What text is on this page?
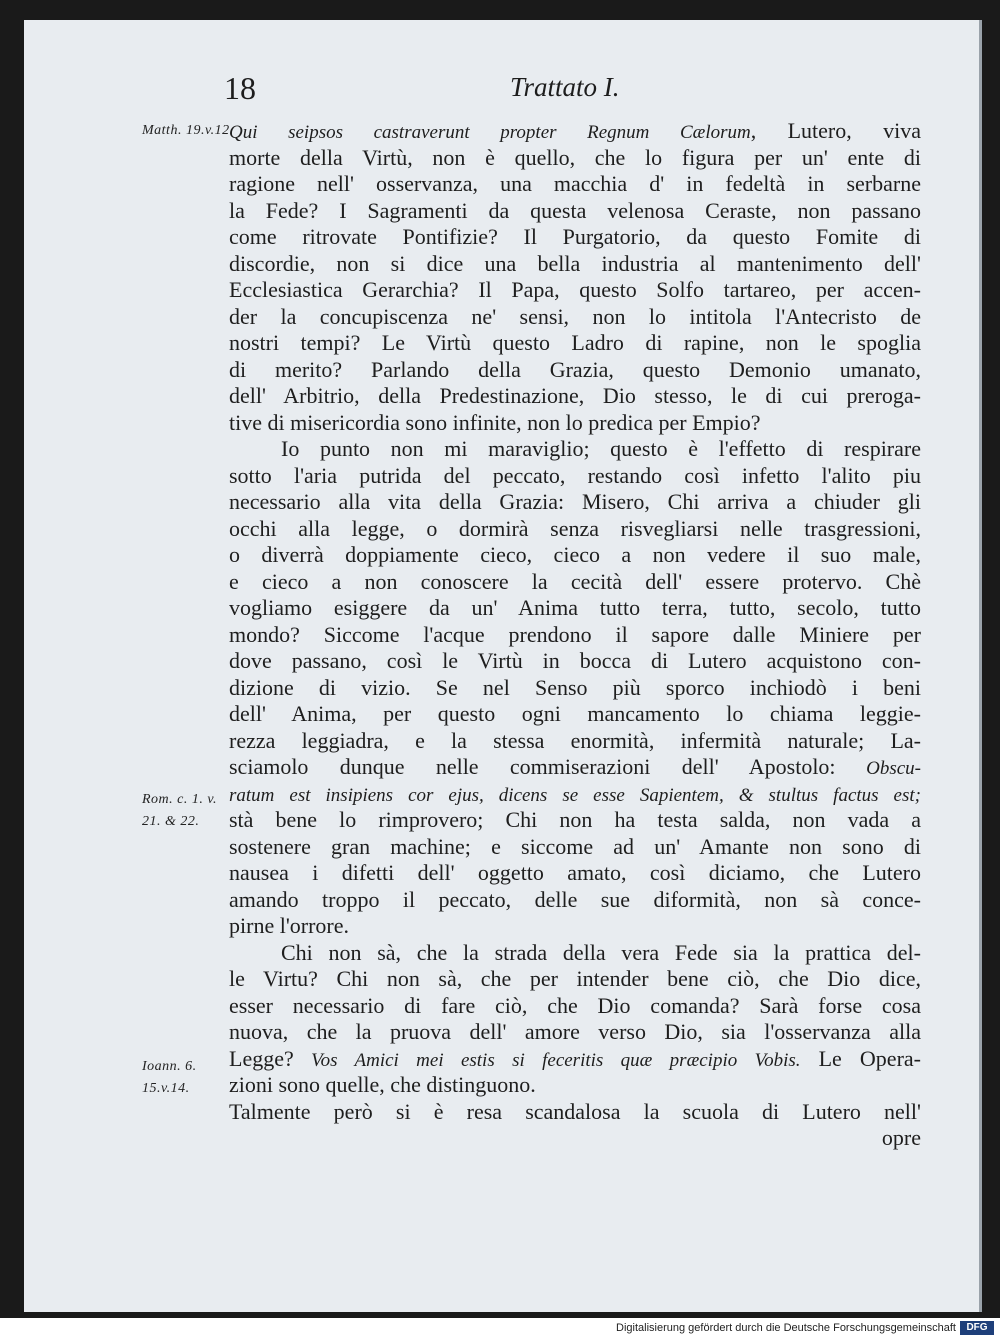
18	Trattato I.
Matth. 19.v.12.
Rom. c. 1. v. 21. & 22.
Ioann. 6. 15.v.14.
Qui seipsos castraverunt propter Regnum Cælorum, Lutero, viva
morte della Virtù, non è quello, che lo figura per un' ente di
ragione nell' osservanza, una macchia d' in fedeltà in serbarne
la Fede? I Sagramenti da questa velenosa Ceraste, non passano
come ritrovate Pontifizie? Il Purgatorio, da questo Fomite di
discordie, non si dice una bella industria al mantenimento dell'
Ecclesiastica Gerarchia? Il Papa, questo Solfo tartareo, per accen-
der la concupiscenza ne' sensi, non lo intitola l'Antecristo de
nostri tempi? Le Virtù questo Ladro di rapine, non le spoglia
di merito? Parlando della Grazia, questo Demonio umanato,
dell' Arbitrio, della Predestinazione, Dio stesso, le di cui preroga-
tive di misericordia sono infinite, non lo predica per Empio?
Io punto non mi maraviglio; questo è l'effetto di respirare
sotto l'aria putrida del peccato, restando così infetto l'alito piu
necessario alla vita della Grazia: Misero, Chi arriva a chiuder gli
occhi alla legge, o dormirà senza risvegliarsi nelle trasgressioni,
o diverrà doppiamente cieco, cieco a non vedere il suo male,
e cieco a non conoscere la cecità dell' essere protervo. Chè
vogliamo esiggere da un' Anima tutto terra, tutto, secolo, tutto
mondo? Siccome l'acque prendono il sapore dalle Miniere per
dove passano, così le Virtù in bocca di Lutero acquistono con-
dizione di vizio. Se nel Senso più sporco inchiodò i beni
dell' Anima, per questo ogni mancamento lo chiama leggie-
rezza leggiadra, e la stessa enormità, infermità naturale; La-
sciamolo dunque nelle commiserazioni dell' Apostolo: Obscu-
ratum est insipiens cor ejus, dicens se esse Sapientem, & stultus factus est;
stà bene lo rimprovero; Chi non ha testa salda, non vada a
sostenere gran machine; e siccome ad un' Amante non sono di
nausea i difetti dell' oggetto amato, così diciamo, che Lutero
amando troppo il peccato, delle sue diformità, non sà conce-
pirne l'orrore.
Chi non sà, che la strada della vera Fede sia la prattica del-
le Virtu? Chi non sà, che per intender bene ciò, che Dio dice,
esser necessario di fare ciò, che Dio comanda? Sarà forse cosa
nuova, che la pruova dell' amore verso Dio, sia l'osservanza alla
Legge? Vos Amici mei estis si feceritis quæ præcipio Vobis. Le Opera-
zioni sono quelle, che distinguono.
Talmente però si è resa scandalosa la scuola di Lutero nell'
opre
Digitalisierung gefördert durch die Deutsche Forschungsgemeinschaft	DFG
